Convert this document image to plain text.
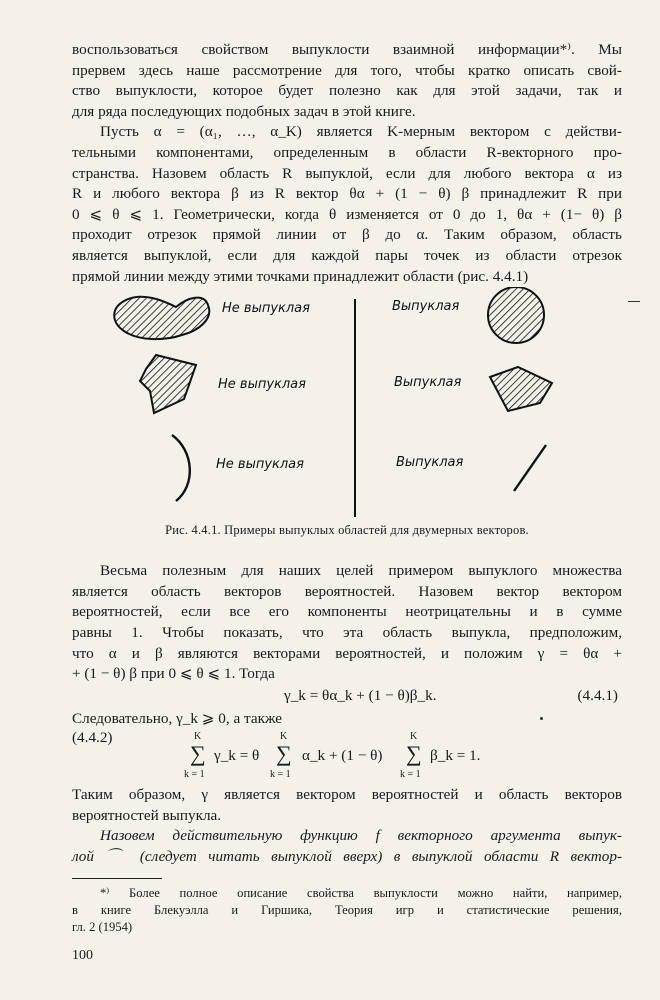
воспользоваться свойством выпуклости взаимной информации*⁾. Мы
прервем здесь наше рассмотрение для того, чтобы кратко описать свой-
ство выпуклости, которое будет полезно как для этой задачи, так и
для ряда последующих подобных задач в этой книге.
Пусть α = (α₁, …, α_K) является K-мерным вектором с действи-
тельными компонентами, определенным в области R-векторного про-
странства. Назовем область R выпуклой, если для любого вектора α из
R и любого вектора β из R вектор θα + (1 − θ) β принадлежит R при
0 ⩽ θ ⩽ 1. Геометрически, когда θ изменяется от 0 до 1, θα + (1− θ) β
проходит отрезок прямой линии от β до α. Таким образом, область
является выпуклой, если для каждой пары точек из области отрезок
прямой линии между этими точками принадлежит области (рис. 4.4.1)
Не выпуклая	Выпуклая
Не выпуклая	Выпуклая
Не выпуклая	Выпуклая
Рис. 4.4.1. Примеры выпуклых областей для двумерных векторов.
Весьма полезным для наших целей примером выпуклого множества
является область векторов вероятностей. Назовем вектор вектором
вероятностей, если все его компоненты неотрицательны и в сумме
равны 1. Чтобы показать, что эта область выпукла, предположим,
что α и β являются векторами вероятностей, и положим γ = θα +
+ (1 − θ) β при 0 ⩽ θ ⩽ 1. Тогда
γ_k = θα_k + (1 − θ)β_k.	(4.4.1)
Следовательно, γ_k ⩾ 0, а также
K
∑
k = 1
γ_k = θ
K
∑
k = 1
α_k + (1 − θ)
K
∑
k = 1
β_k = 1.
(4.4.2)
Таким образом, γ является вектором вероятностей и область векторов
вероятностей выпукла.
Назовем действительную функцию f векторного аргумента выпук-
лой ⌒ (следует читать выпуклой вверх) в выпуклой области R вектор-
*⁾ Более полное описание свойства выпуклости можно найти, например,
в книге Блекуэлла и Гиршика, Теория игр и статистические решения,
гл. 2 (1954)
100
